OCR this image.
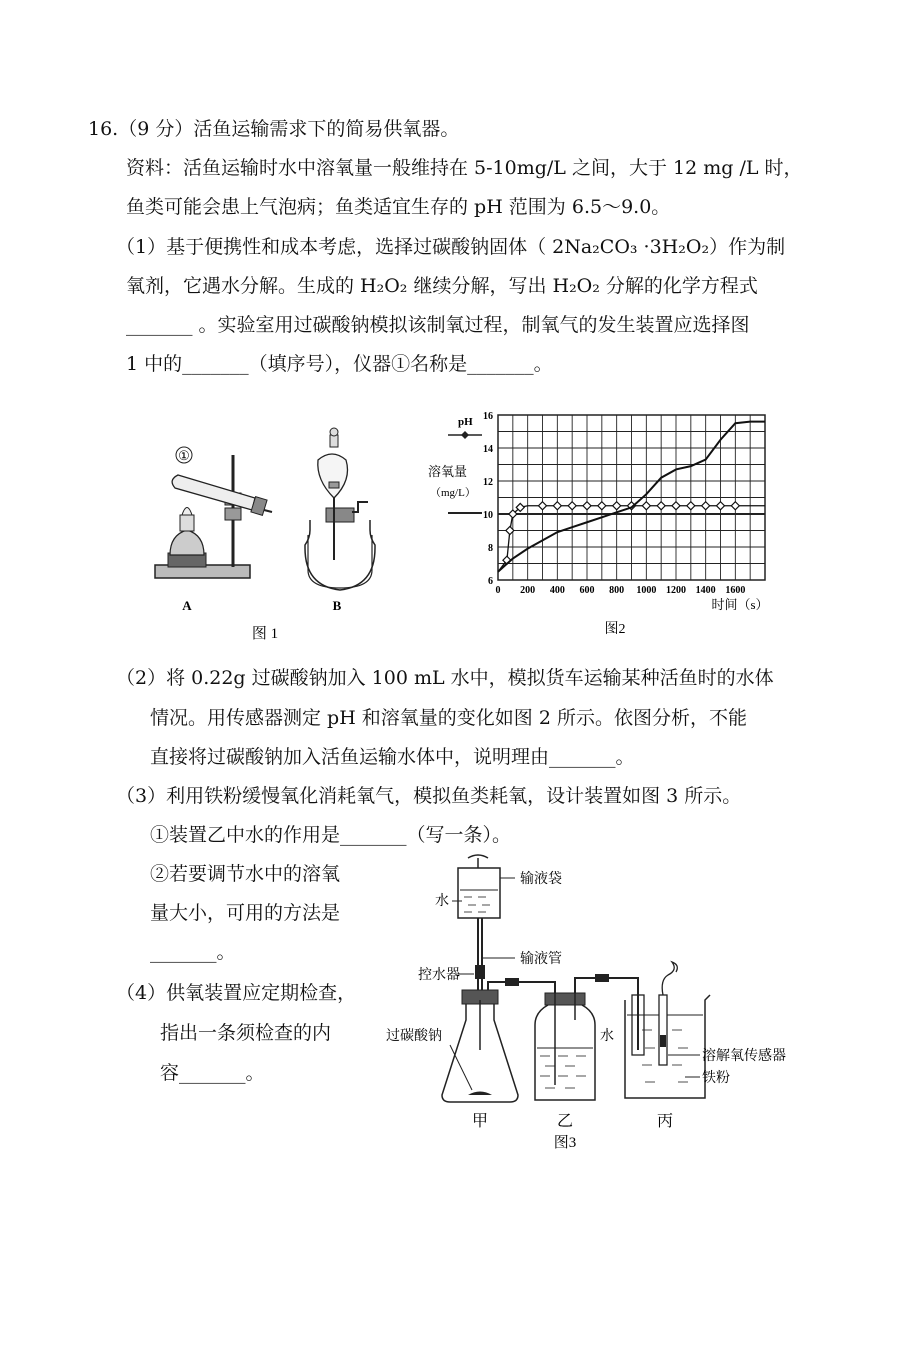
16.（9 分）活鱼运输需求下的简易供氧器。
资料：活鱼运输时水中溶氧量一般维持在 5-10mg/L 之间，大于 12 mg /L 时，
鱼类可能会患上气泡病；鱼类适宜生存的 pH 范围为 6.5～9.0。
（1）基于便携性和成本考虑，选择过碳酸钠固体（ 2Na₂CO₃ ·3H₂O₂）作为制
氧剂，它遇水分解。生成的 H₂O₂ 继续分解，写出 H₂O₂ 分解的化学方程式
_______ 。实验室用过碳酸钠模拟该制氧过程，制氧气的发生装置应选择图
1 中的_______（填序号），仪器①名称是_______。
①
A	B
图 1
0 200 400 600 800 1000 1200 1400 1600
6
8
10
12
14
16
pH
溶氧量
（mg/L）
时间（s）
图2
（2）将 0.22g 过碳酸钠加入 100 mL 水中，模拟货车运输某种活鱼时的水体
情况。用传感器测定 pH 和溶氧量的变化如图 2 所示。依图分析，不能
直接将过碳酸钠加入活鱼运输水体中，说明理由_______。
（3）利用铁粉缓慢氧化消耗氧气，模拟鱼类耗氧，设计装置如图 3 所示。
①装置乙中水的作用是_______（写一条）。
②若要调节水中的溶氧
量大小，可用的方法是
_______。
（4）供氧装置应定期检查，
指出一条须检查的内
容_______。
输液袋
水
输液管
控水器
过碳酸钠
甲
水
乙
溶解氧传感器
铁粉
丙
图3
